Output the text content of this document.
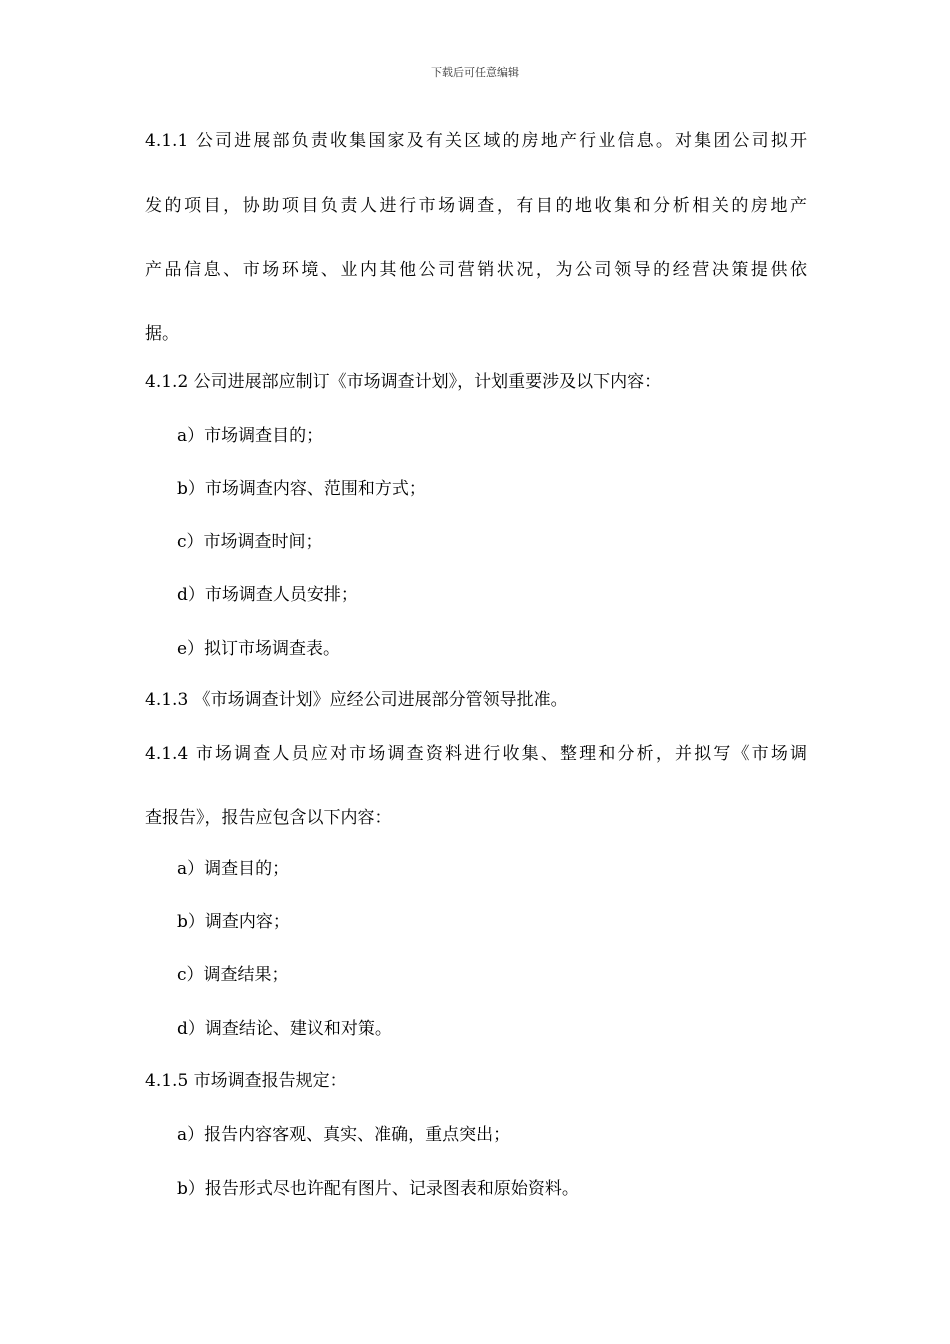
下载后可任意编辑
4.1.1 公司进展部负责收集国家及有关区域的房地产行业信息。对集团公司拟开
发的项目，协助项目负责人进行市场调查，有目的地收集和分析相关的房地产
产品信息、市场环境、业内其他公司营销状况，为公司领导的经营决策提供依
据。
4.1.2 公司进展部应制订《市场调查计划》，计划重要涉及以下内容：
a）市场调查目的；
b）市场调查内容、范围和方式；
c）市场调查时间；
d）市场调查人员安排；
e）拟订市场调查表。
4.1.3 《市场调查计划》应经公司进展部分管领导批准。
4.1.4 市场调查人员应对市场调查资料进行收集、整理和分析，并拟写《市场调
查报告》，报告应包含以下内容：
a）调查目的；
b）调查内容；
c）调查结果；
d）调查结论、建议和对策。
4.1.5 市场调查报告规定：
a）报告内容客观、真实、准确，重点突出；
b）报告形式尽也许配有图片、记录图表和原始资料。
